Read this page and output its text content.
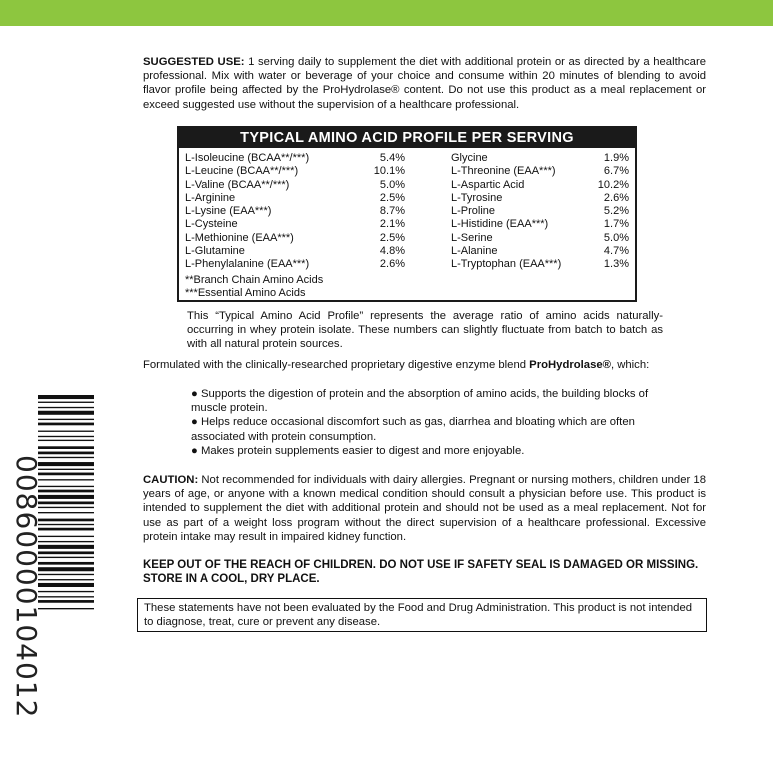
SUGGESTED USE: 1 serving daily to supplement the diet with additional protein or as directed by a healthcare professional. Mix with water or beverage of your choice and consume within 20 minutes of blending to avoid flavor profile being affected by the ProHydrolase® content. Do not use this product as a meal replacement or exceed suggested use without the supervision of a healthcare professional.

TYPICAL AMINO ACID PROFILE PER SERVING
L-Isoleucine (BCAA**/***)	5.4%
L-Leucine (BCAA**/***)	10.1%
L-Valine (BCAA**/***)	5.0%
L-Arginine	2.5%
L-Lysine (EAA***)	8.7%
L-Cysteine	2.1%
L-Methionine (EAA***)	2.5%
L-Glutamine	4.8%
L-Phenylalanine (EAA***)	2.6%
Glycine	1.9%
L-Threonine (EAA***)	6.7%
L-Aspartic Acid	10.2%
L-Tyrosine	2.6%
L-Proline	5.2%
L-Histidine (EAA***)	1.7%
L-Serine	5.0%
L-Alanine	4.7%
L-Tryptophan (EAA***)	1.3%
**Branch Chain Amino Acids
***Essential Amino Acids

This “Typical Amino Acid Profile” represents the average ratio of amino acids naturally-occurring in whey protein isolate. These numbers can slightly fluctuate from batch to batch as with all natural protein sources.

Formulated with the clinically-researched proprietary digestive enzyme blend ProHydrolase®, which:

● Supports the digestion of protein and the absorption of amino acids, the building blocks of muscle protein.
● Helps reduce occasional discomfort such as gas, diarrhea and bloating which are often associated with protein consumption.
● Makes protein supplements easier to digest and more enjoyable.

CAUTION: Not recommended for individuals with dairy allergies. Pregnant or nursing mothers, children under 18 years of age, or anyone with a known medical condition should consult a physician before use. This product is intended to supplement the diet with additional protein and should not be used as a meal replacement. Not for use as part of a weight loss program without the direct supervision of a healthcare professional. Excessive protein intake may result in impaired kidney function.

KEEP OUT OF THE REACH OF CHILDREN. DO NOT USE IF SAFETY SEAL IS DAMAGED OR MISSING. STORE IN A COOL, DRY PLACE.
These statements have not been evaluated by the Food and Drug Administration. This product is not intended to diagnose, treat, cure or prevent any disease.
00860000104012
